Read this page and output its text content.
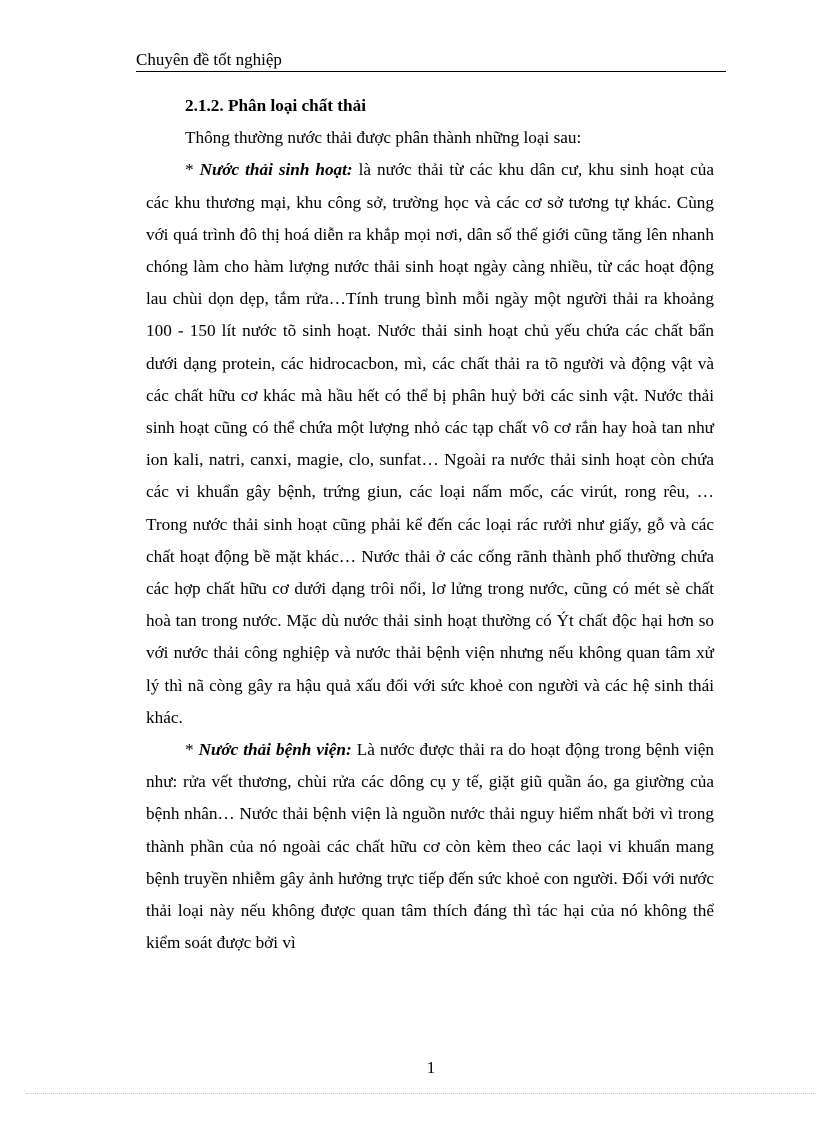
Chuyên đề tốt nghiệp

2.1.2. Phân loại chất thải

Thông thường nước thải được phân thành những loại sau:

* Nước thải sinh hoạt: là nước thải từ các khu dân cư, khu sinh hoạt của các khu thương mại, khu công sở, trường học và các cơ sở tương tự khác. Cùng với quá trình đô thị hoá diễn ra khắp mọi nơi, dân số thế giới cũng tăng lên nhanh chóng làm cho hàm lượng nước thải sinh hoạt ngày càng nhiều, từ các hoạt động lau chùi dọn dẹp, tắm rửa…Tính trung bình mỗi ngày một người thải ra khoảng 100 - 150 lít nước tõ sinh hoạt. Nước thải sinh hoạt chủ yếu chứa các chất bẩn dưới dạng protein, các hidrocacbon, mì, các chất thải ra tõ người và động vật và các chất hữu cơ khác mà hầu hết có thể bị phân huỷ bởi các sinh vật. Nước thải sinh hoạt cũng có thể chứa một lượng nhỏ các tạp chất vô cơ rắn hay hoà tan như ion kali, natri, canxi, magie, clo, sunfat… Ngoài ra nước thải sinh hoạt còn chứa các vi khuẩn gây bệnh, trứng giun, các loại nấm mốc, các virút, rong rêu, … Trong nước thải sinh hoạt cũng phải kể đến các loại rác rưởi như giấy, gỗ và các chất hoạt động bề mặt khác… Nước thải ở các cống rãnh thành phố thường chứa các hợp chất hữu cơ dưới dạng trôi nổi, lơ lửng trong nước, cũng có mét sè chất hoà tan trong nước. Mặc dù nước thải sinh hoạt thường có Ýt chất độc hại hơn so với nước thải công nghiệp và nước thải bệnh viện nhưng nếu không quan tâm xử lý thì nã còng gây ra hậu quả xấu đối với sức khoẻ con người và các hệ sinh thái khác.

* Nước thải bệnh viện: Là nước được thải ra do hoạt động trong bệnh viện như: rửa vết thương, chùi rửa các dông cụ y tế, giặt giũ quần áo, ga giường của bệnh nhân… Nước thải bệnh viện là nguồn nước thải nguy hiểm nhất bởi vì trong thành phần của nó ngoài các chất hữu cơ còn kèm theo các laọi vi khuẩn mang bệnh truyền nhiễm gây ảnh hưởng trực tiếp đến sức khoẻ con người. Đối với nước thải loại này nếu không được quan tâm thích đáng thì tác hại của nó không thể kiểm soát được bởi vì

1
